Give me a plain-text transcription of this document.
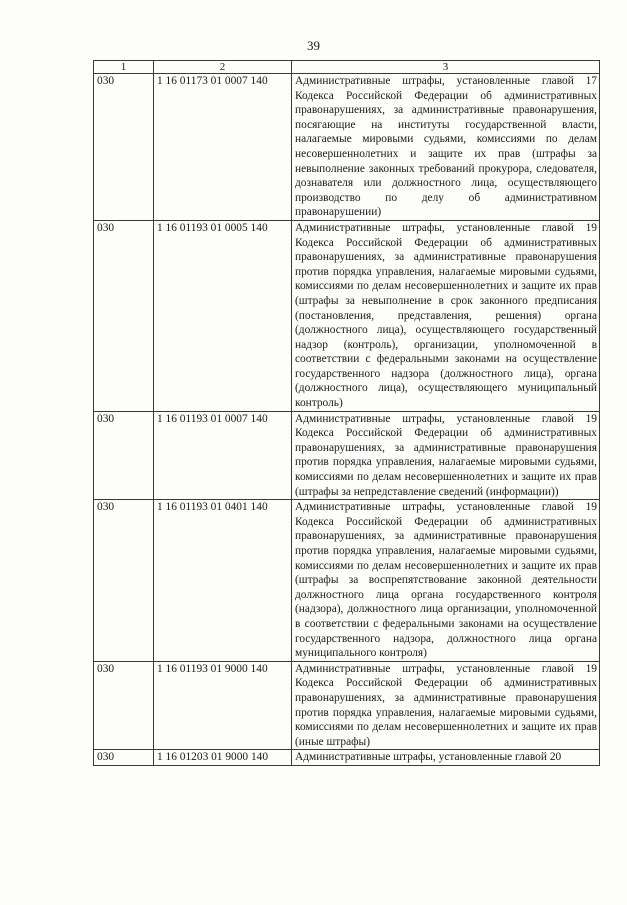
39
1	2	3
030	1 16 01173 01 0007 140	Административные штрафы, установленные главой 17 Кодекса Российской Федерации об административных правонарушениях, за административные правонарушения, посягающие на институты государственной власти, налагаемые мировыми судьями, комиссиями по делам несовершеннолетних и защите их прав (штрафы за невыполнение законных требований прокурора, следователя, дознавателя или должностного лица, осуществляющего производство по делу об административном правонарушении)
030	1 16 01193 01 0005 140	Административные штрафы, установленные главой 19 Кодекса Российской Федерации об административных правонарушениях, за административные правонарушения против порядка управления, налагаемые мировыми судьями, комиссиями по делам несовершеннолетних и защите их прав (штрафы за невыполнение в срок законного предписания (постановления, представления, решения) органа (должностного лица), осуществляющего государственный надзор (контроль), организации, уполномоченной в соответствии с федеральными законами на осуществление государственного надзора (должностного лица), органа (должностного лица), осуществляющего муниципальный контроль)
030	1 16 01193 01 0007 140	Административные штрафы, установленные главой 19 Кодекса Российской Федерации об административных правонарушениях, за административные правонарушения против порядка управления, налагаемые мировыми судьями, комиссиями по делам несовершеннолетних и защите их прав (штрафы за непредставление сведений (информации))
030	1 16 01193 01 0401 140	Административные штрафы, установленные главой 19 Кодекса Российской Федерации об административных правонарушениях, за административные правонарушения против порядка управления, налагаемые мировыми судьями, комиссиями по делам несовершеннолетних и защите их прав (штрафы за воспрепятствование законной деятельности должностного лица органа государственного контроля (надзора), должностного лица организации, уполномоченной в соответствии с федеральными законами на осуществление государственного надзора, должностного лица органа муниципального контроля)
030	1 16 01193 01 9000 140	Административные штрафы, установленные главой 19 Кодекса Российской Федерации об административных правонарушениях, за административные правонарушения против порядка управления, налагаемые мировыми судьями, комиссиями по делам несовершеннолетних и защите их прав (иные штрафы)
030	1 16 01203 01 9000 140	Административные штрафы, установленные главой 20
